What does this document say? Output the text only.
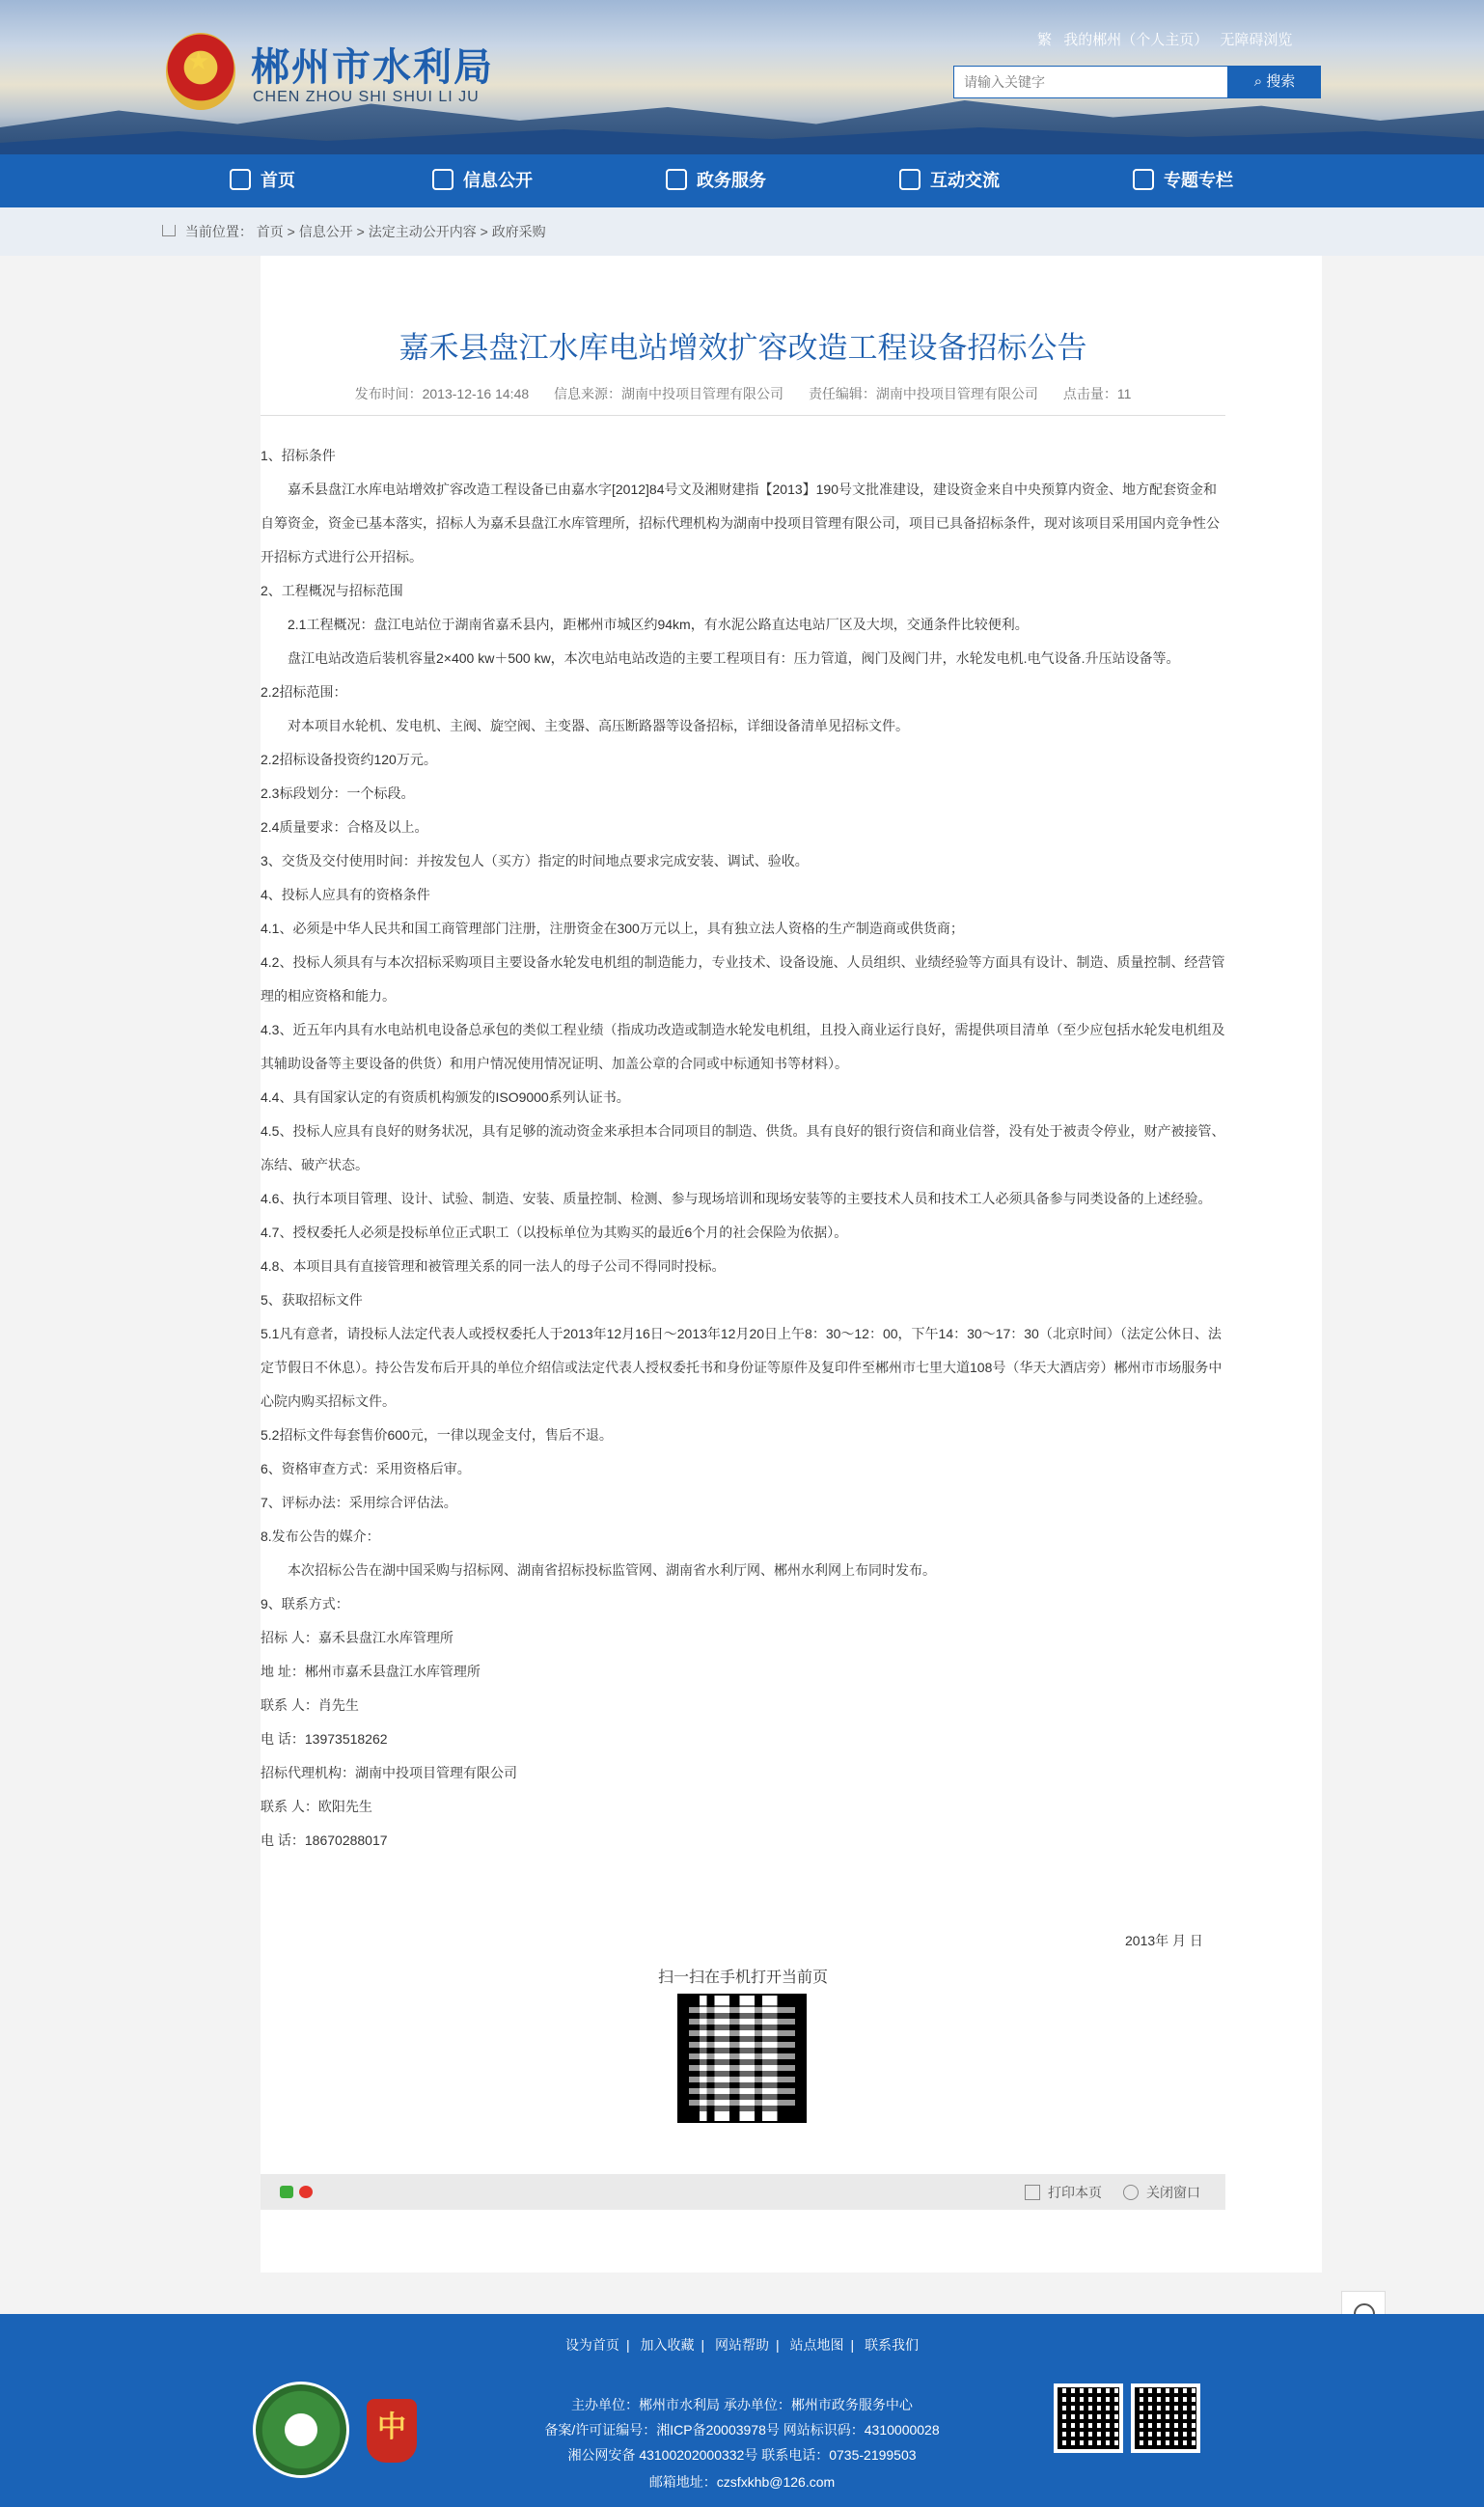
★ 郴州市水利局
CHEN ZHOU SHI SHUI LI JU
繁 我的郴州（个人主页） 无障碍浏览
请输入关键字
⌕ 搜索
首页	信息公开	政务服务	互动交流	专题专栏
当前位置： 首页 > 信息公开 > 法定主动公开内容 > 政府采购
嘉禾县盘江水库电站增效扩容改造工程设备招标公告
发布时间：2013-12-16 14:48 信息来源：湖南中投项目管理有限公司 责任编辑：湖南中投项目管理有限公司 点击量：11

1、招标条件

嘉禾县盘江水库电站增效扩容改造工程设备已由嘉水字[2012]84号文及湘财建指【2013】190号文批准建设，建设资金来自中央预算内资金、地方配套资金和自筹资金，资金已基本落实，招标人为嘉禾县盘江水库管理所，招标代理机构为湖南中投项目管理有限公司，项目已具备招标条件，现对该项目采用国内竞争性公开招标方式进行公开招标。

2、工程概况与招标范围

2.1工程概况：盘江电站位于湖南省嘉禾县内，距郴州市城区约94km，有水泥公路直达电站厂区及大坝，交通条件比较便利。

盘江电站改造后装机容量2×400 kw＋500 kw，本次电站电站改造的主要工程项目有：压力管道，阀门及阀门井，水轮发电机.电气设备.升压站设备等。

2.2招标范围：

对本项目水轮机、发电机、主阀、旋空阀、主变器、高压断路器等设备招标，详细设备清单见招标文件。

2.2招标设备投资约120万元。

2.3标段划分：一个标段。

2.4质量要求：合格及以上。

3、交货及交付使用时间：并按发包人（买方）指定的时间地点要求完成安装、调试、验收。

4、投标人应具有的资格条件

4.1、必须是中华人民共和国工商管理部门注册，注册资金在300万元以上，具有独立法人资格的生产制造商或供货商；

4.2、投标人须具有与本次招标采购项目主要设备水轮发电机组的制造能力，专业技术、设备设施、人员组织、业绩经验等方面具有设计、制造、质量控制、经营管理的相应资格和能力。

4.3、近五年内具有水电站机电设备总承包的类似工程业绩（指成功改造或制造水轮发电机组，且投入商业运行良好，需提供项目清单（至少应包括水轮发电机组及其辅助设备等主要设备的供货）和用户情况使用情况证明、加盖公章的合同或中标通知书等材料）。

4.4、具有国家认定的有资质机构颁发的ISO9000系列认证书。

4.5、投标人应具有良好的财务状况，具有足够的流动资金来承担本合同项目的制造、供货。具有良好的银行资信和商业信誉，没有处于被责令停业，财产被接管、冻结、破产状态。

4.6、执行本项目管理、设计、试验、制造、安装、质量控制、检测、参与现场培训和现场安装等的主要技术人员和技术工人必须具备参与同类设备的上述经验。

4.7、授权委托人必须是投标单位正式职工（以投标单位为其购买的最近6个月的社会保险为依据）。

4.8、本项目具有直接管理和被管理关系的同一法人的母子公司不得同时投标。

5、获取招标文件

5.1凡有意者，请投标人法定代表人或授权委托人于2013年12月16日～2013年12月20日上午8：30～12：00，下午14：30～17：30（北京时间）（法定公休日、法定节假日不休息）。持公告发布后开具的单位介绍信或法定代表人授权委托书和身份证等原件及复印件至郴州市七里大道108号（华天大酒店旁）郴州市市场服务中心院内购买招标文件。

5.2招标文件每套售价600元，一律以现金支付，售后不退。

6、资格审查方式：采用资格后审。

7、评标办法：采用综合评估法。

8.发布公告的媒介：

本次招标公告在湖中国采购与招标网、湖南省招标投标监管网、湖南省水利厅网、郴州水利网上布同时发布。

9、联系方式：

招标 人：嘉禾县盘江水库管理所

地 址：郴州市嘉禾县盘江水库管理所

联系 人：肖先生

电 话：13973518262

招标代理机构：湖南中投项目管理有限公司

联系 人：欧阳先生

电 话：18670288017

2013年 月 日
扫一扫在手机打开当前页
打印本页	关闭窗口
<
↑
设为首页 | 加入收藏 | 网站帮助 | 站点地图 | 联系我们
中
主办单位：郴州市水利局 承办单位：郴州市政务服务中心
备案/许可证编号：湘ICP备20003978号 网站标识码：4310000028
湘公网安备 43100202000332号 联系电话：0735-2199503
邮箱地址：czsfxkhb@126.com
